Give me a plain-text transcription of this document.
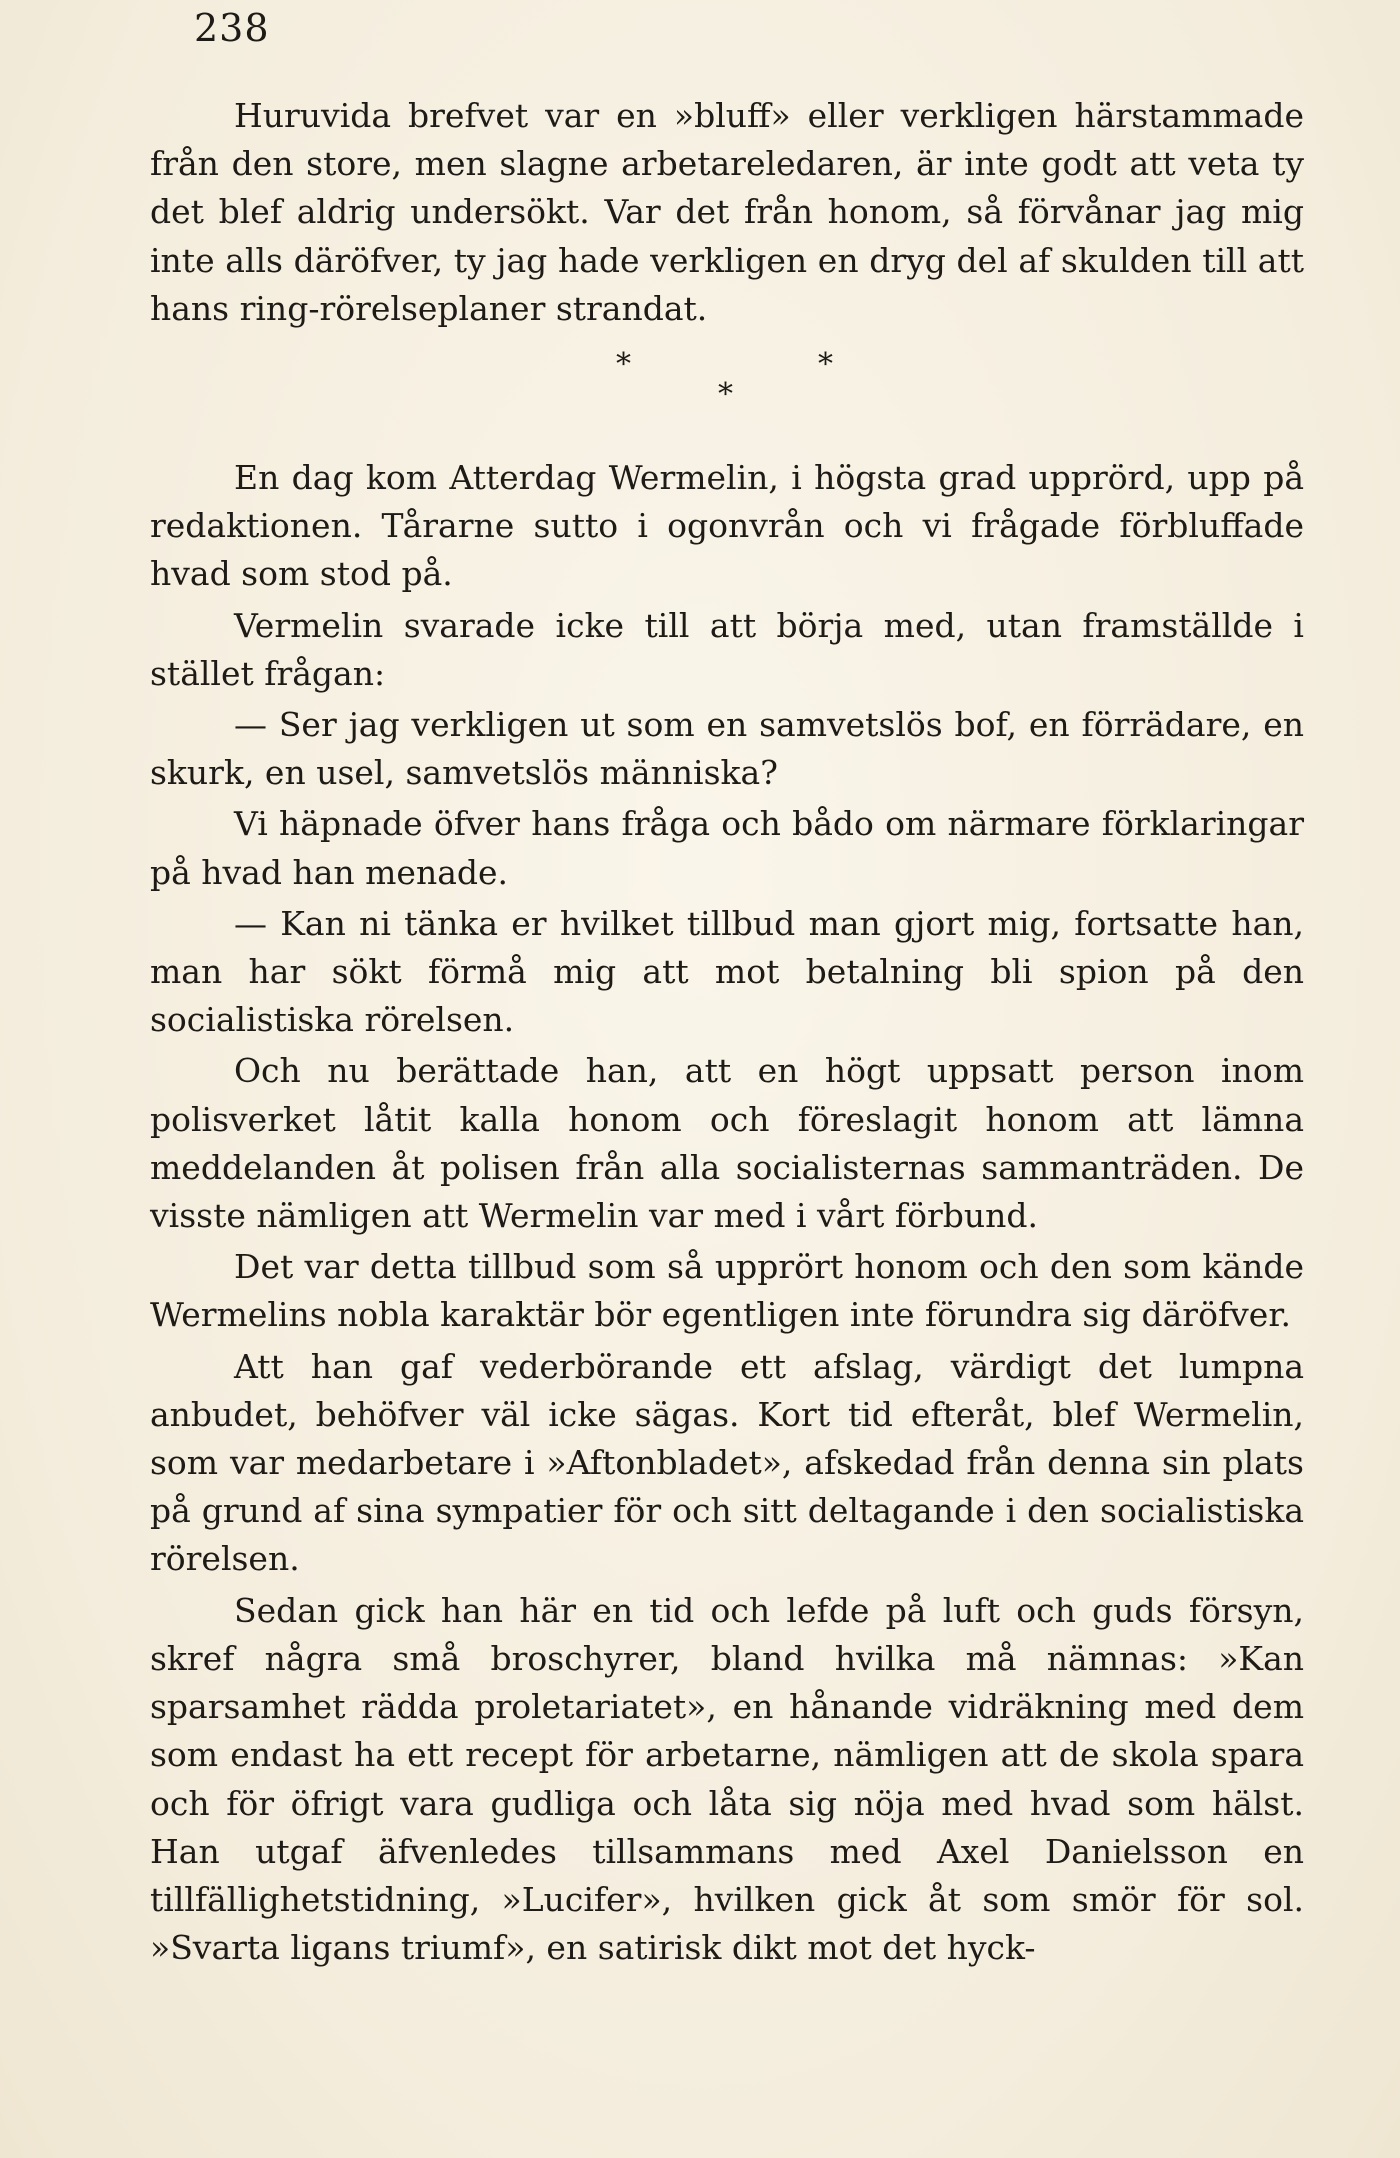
238

Huruvida brefvet var en »bluff» eller verkligen härstammade från den store, men slagne arbetareledaren, är inte godt att veta ty det blef aldrig undersökt. Var det från honom, så förvånar jag mig inte alls däröfver, ty jag hade verkligen en dryg del af skulden till att hans ring-rörelseplaner strandat.

*	*
*

En dag kom Atterdag Wermelin, i högsta grad upprörd, upp på redaktionen. Tårarne sutto i ogonvrån och vi frågade förbluffade hvad som stod på.

Vermelin svarade icke till att börja med, utan framställde i stället frågan:

— Ser jag verkligen ut som en samvetslös bof, en förrädare, en skurk, en usel, samvetslös människa?

Vi häpnade öfver hans fråga och bådo om närmare förklaringar på hvad han menade.

— Kan ni tänka er hvilket tillbud man gjort mig, fortsatte han, man har sökt förmå mig att mot betalning bli spion på den socialistiska rörelsen.

Och nu berättade han, att en högt uppsatt person inom polisverket låtit kalla honom och föreslagit honom att lämna meddelanden åt polisen från alla socialisternas sammanträden. De visste nämligen att Wermelin var med i vårt förbund.

Det var detta tillbud som så upprört honom och den som kände Wermelins nobla karaktär bör egentligen inte förundra sig däröfver.

Att han gaf vederbörande ett afslag, värdigt det lumpna anbudet, behöfver väl icke sägas. Kort tid efteråt, blef Wermelin, som var medarbetare i »Aftonbladet», afskedad från denna sin plats på grund af sina sympatier för och sitt deltagande i den socialistiska rörelsen.

Sedan gick han här en tid och lefde på luft och guds försyn, skref några små broschyrer, bland hvilka må nämnas: »Kan sparsamhet rädda proletariatet», en hånande vidräkning med dem som endast ha ett recept för arbetarne, nämligen att de skola spara och för öfrigt vara gudliga och låta sig nöja med hvad som hälst. Han utgaf äfvenledes tillsammans med Axel Danielsson en tillfällighetstidning, »Lucifer», hvilken gick åt som smör för sol. »Svarta ligans triumf», en satirisk dikt mot det hyck-
